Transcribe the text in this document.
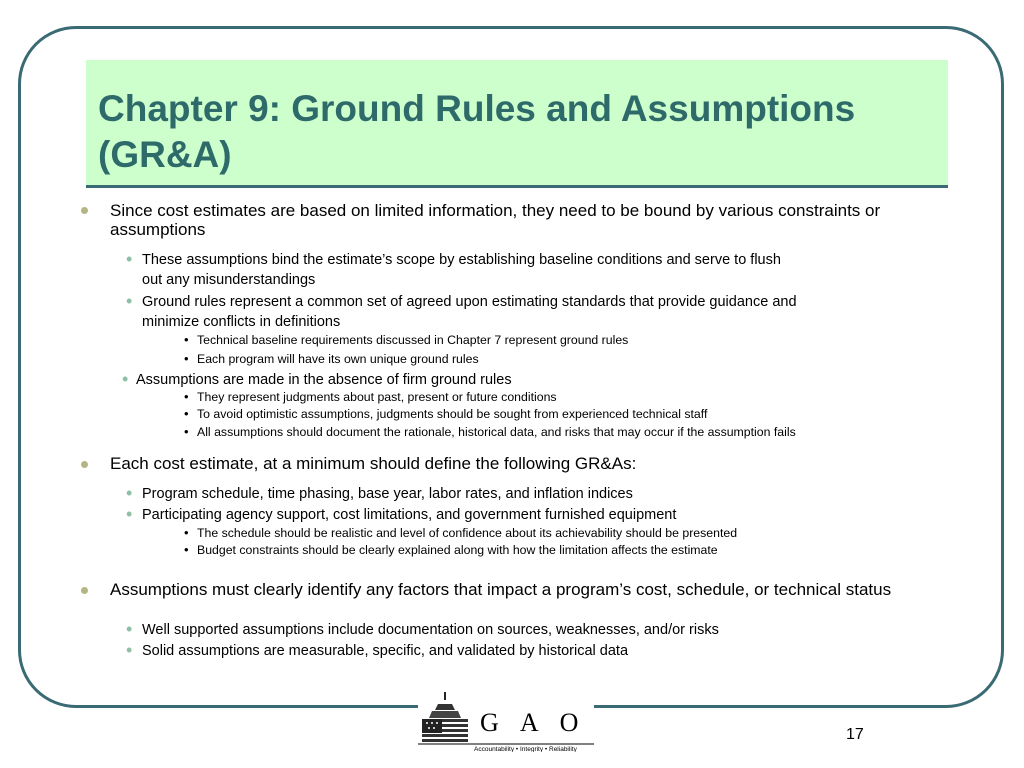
Chapter 9: Ground Rules and Assumptions (GR&A)
Since cost estimates are based on limited information, they need to be bound by various constraints or assumptions
• These assumptions bind the estimate’s scope by establishing baseline conditions and serve to flush out any misunderstandings
• Ground rules represent a common set of agreed upon estimating standards that provide guidance and minimize conflicts in definitions
• Technical baseline requirements discussed in Chapter 7 represent ground rules
• Each program will have its own unique ground rules
• Assumptions are made in the absence of firm ground rules
• They represent judgments about past, present or future conditions
• To avoid optimistic assumptions, judgments should be sought from experienced technical staff
• All assumptions should document the rationale, historical data, and risks that may occur if the assumption fails
Each cost estimate, at a minimum should define the following GR&As:
• Program schedule, time phasing, base year, labor rates, and inflation indices
• Participating agency support, cost limitations, and government furnished equipment
• The schedule should be realistic and level of confidence about its achievability should be presented
• Budget constraints should be clearly explained along with how the limitation affects the estimate
Assumptions must clearly identify any factors that impact a program’s cost, schedule, or technical status
• Well supported assumptions include documentation on sources, weaknesses, and/or risks
• Solid assumptions are measurable, specific, and validated by historical data
G A O
Accountability • Integrity • Reliability
17
